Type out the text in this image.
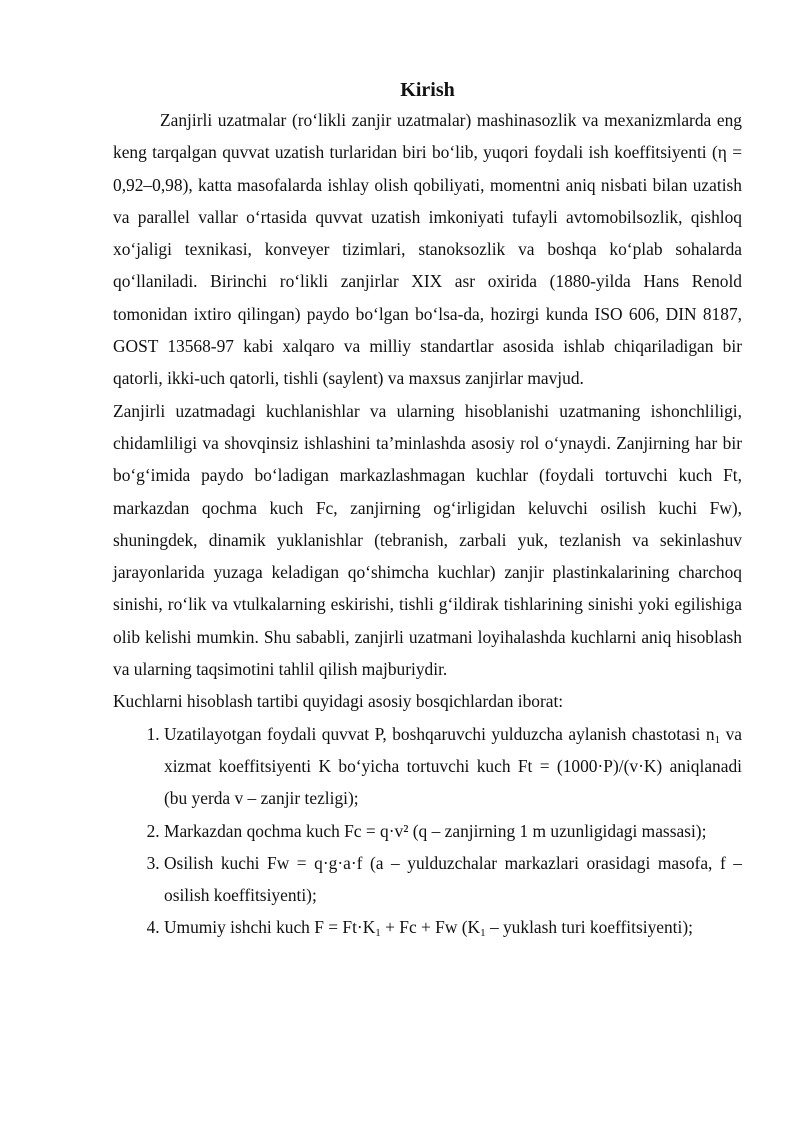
Kirish

Zanjirli uzatmalar (roʻlikli zanjir uzatmalar) mashinasozlik va mexanizmlarda eng keng tarqalgan quvvat uzatish turlaridan biri boʻlib, yuqori foydali ish koeffitsiyenti (η = 0,92–0,98), katta masofalarda ishlay olish qobiliyati, momentni aniq nisbati bilan uzatish va parallel vallar oʻrtasida quvvat uzatish imkoniyati tufayli avtomobilsozlik, qishloq xoʻjaligi texnikasi, konveyer tizimlari, stanoksozlik va boshqa koʻplab sohalarda qoʻllaniladi. Birinchi roʻlikli zanjirlar XIX asr oxirida (1880-yilda Hans Renold tomonidan ixtiro qilingan) paydo boʻlgan boʻlsa-da, hozirgi kunda ISO 606, DIN 8187, GOST 13568-97 kabi xalqaro va milliy standartlar asosida ishlab chiqariladigan bir qatorli, ikki-uch qatorli, tishli (saylent) va maxsus zanjirlar mavjud.

Zanjirli uzatmadagi kuchlanishlar va ularning hisoblanishi uzatmaning ishonchliligi, chidamliligi va shovqinsiz ishlashini ta’minlashda asosiy rol oʻynaydi. Zanjirning har bir boʻgʻimida paydo boʻladigan markazlashmagan kuchlar (foydali tortuvchi kuch Ft, markazdan qochma kuch Fc, zanjirning ogʻirligidan keluvchi osilish kuchi Fw), shuningdek, dinamik yuklanishlar (tebranish, zarbali yuk, tezlanish va sekinlashuv jarayonlarida yuzaga keladigan qoʻshimcha kuchlar) zanjir plastinkalarining charchoq sinishi, roʻlik va vtulkalarning eskirishi, tishli gʻildirak tishlarining sinishi yoki egilishiga olib kelishi mumkin. Shu sababli, zanjirli uzatmani loyihalashda kuchlarni aniq hisoblash va ularning taqsimotini tahlil qilish majburiydir.

Kuchlarni hisoblash tartibi quyidagi asosiy bosqichlardan iborat:

1. Uzatilayotgan foydali quvvat P, boshqaruvchi yulduzcha aylanish chastotasi $n_1$ va xizmat koeffitsiyenti K boʻyicha tortuvchi kuch Ft = (1000·P)/(v·K) aniqlanadi (bu yerda v – zanjir tezligi);
2. Markazdan qochma kuch Fc = q·v² (q – zanjirning 1 m uzunligidagi massasi);
3. Osilish kuchi Fw = q·g·a·f (a – yulduzchalar markazlari orasidagi masofa, f – osilish koeffitsiyenti);
4. Umumiy ishchi kuch $F = Ft\cdot K_1 + Fc + Fw$ ($K_1$ – yuklash turi koeffitsiyenti);
